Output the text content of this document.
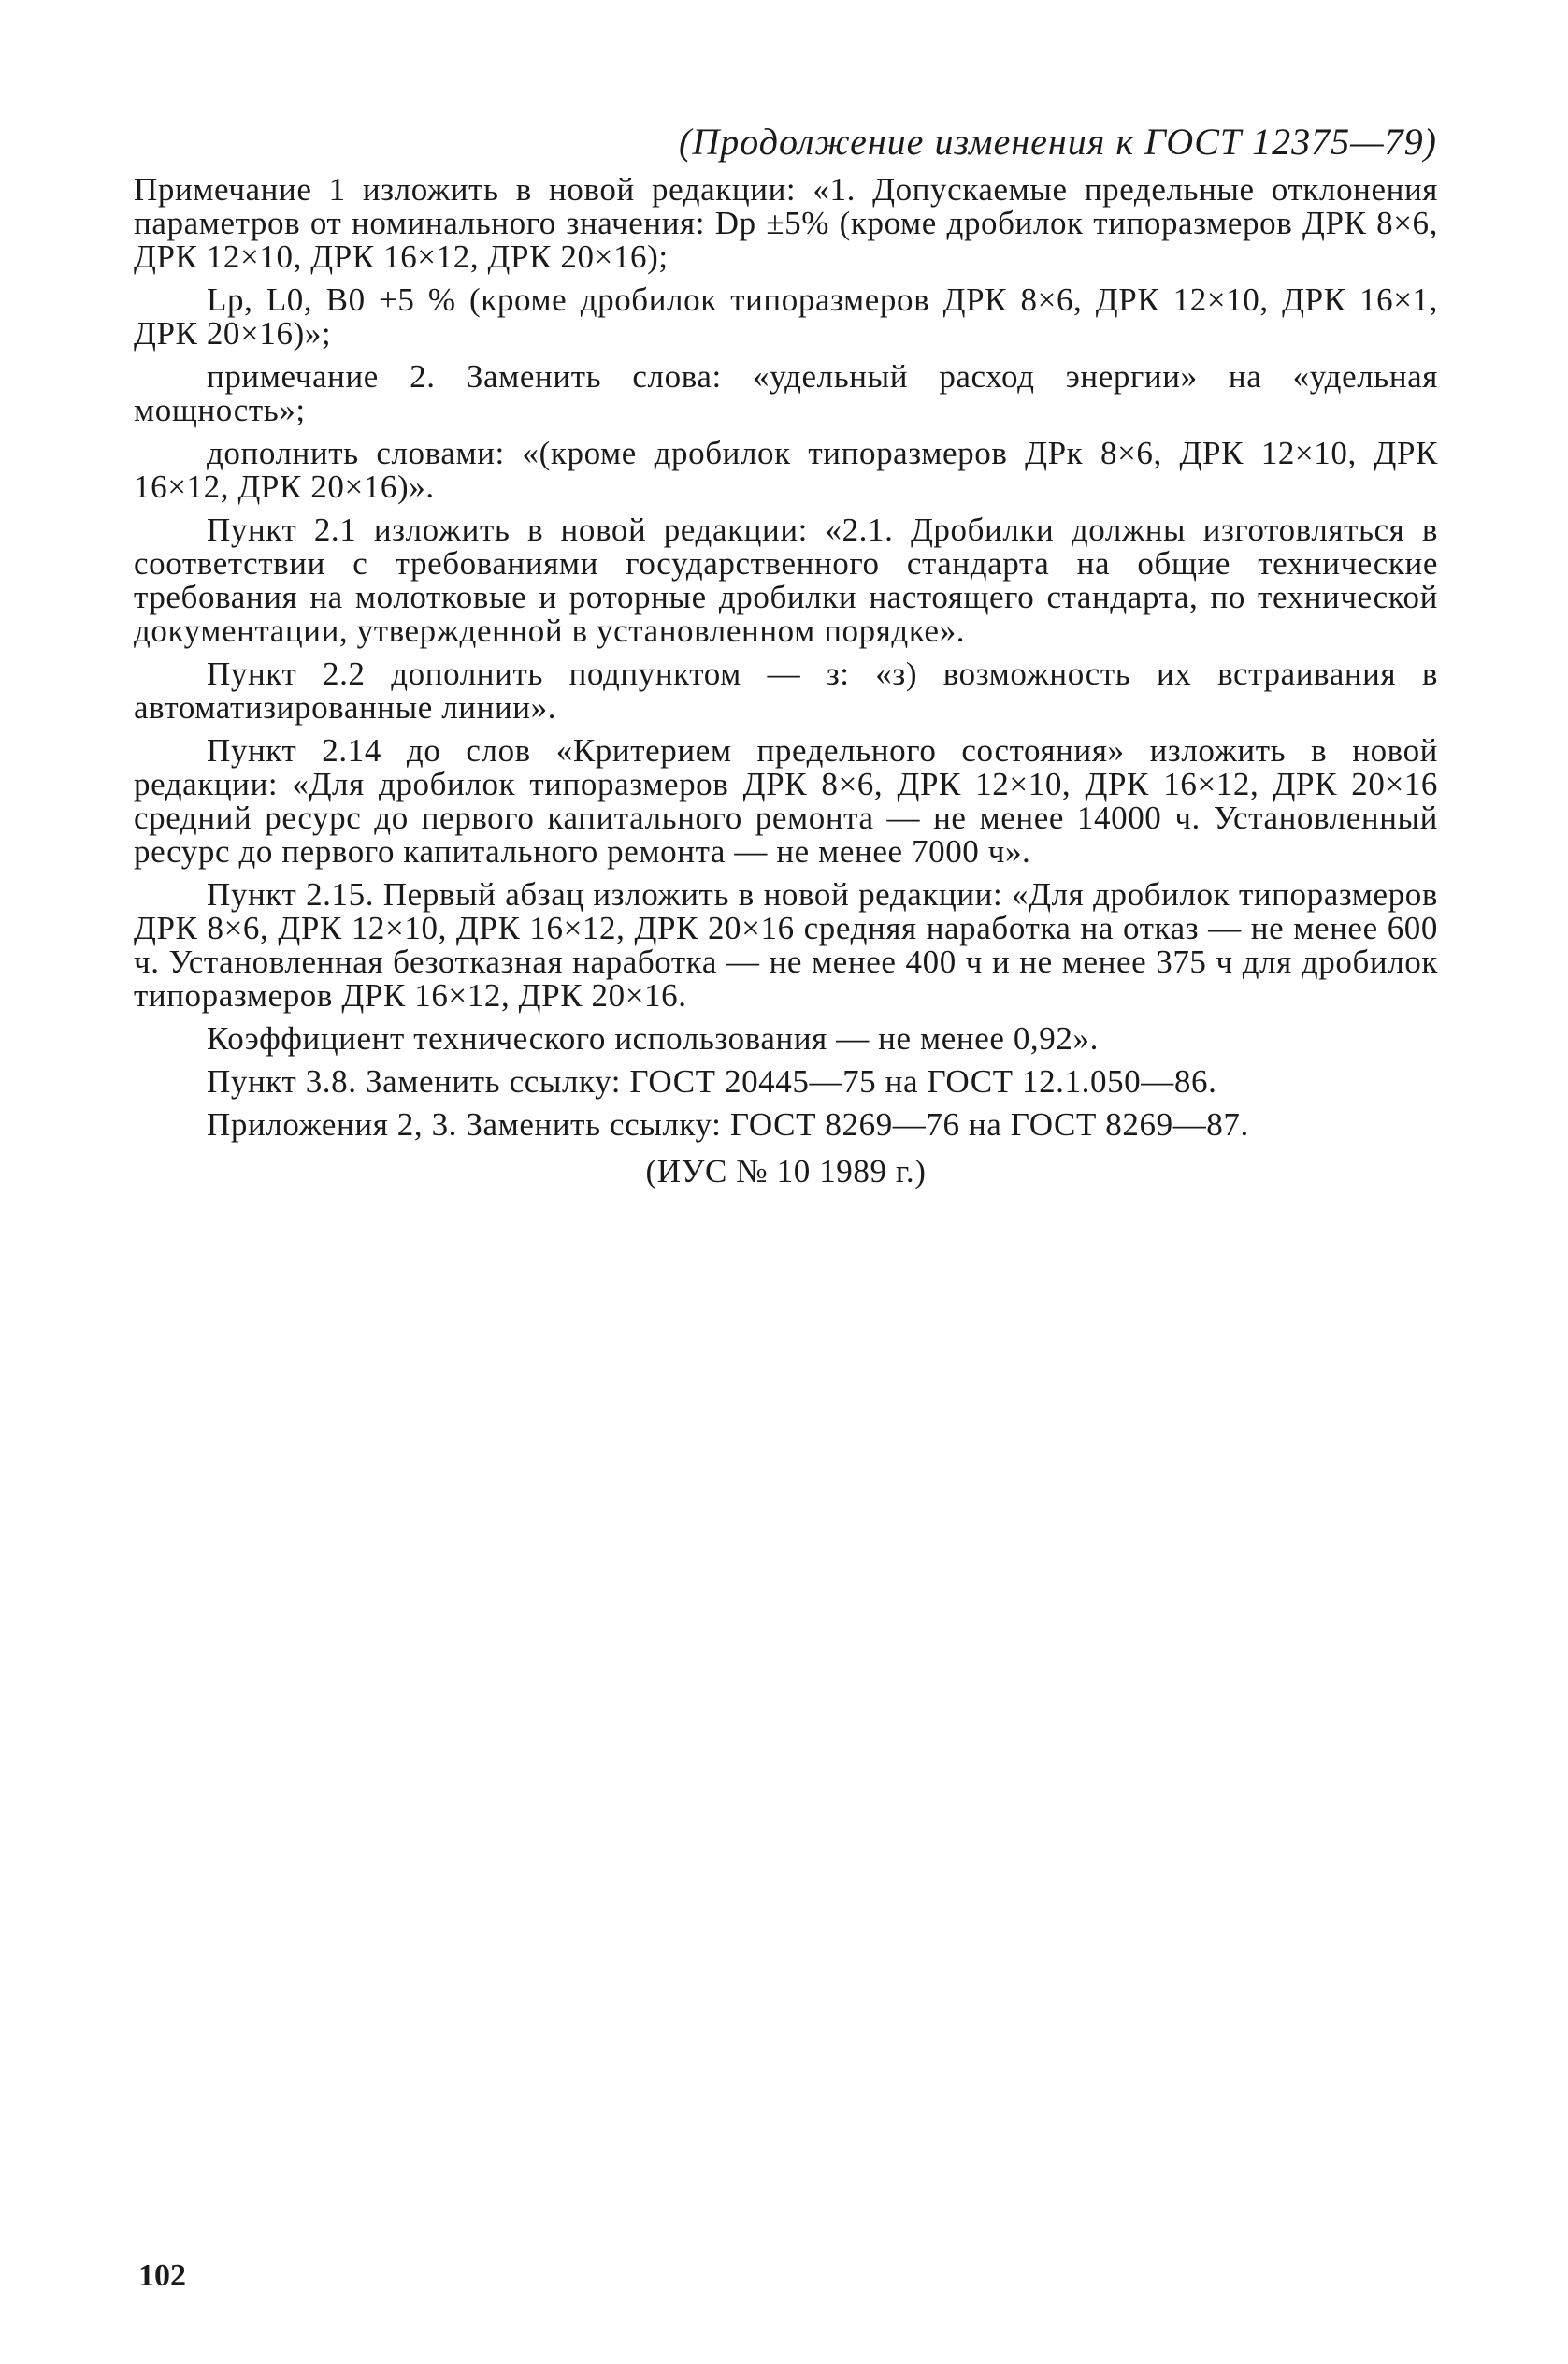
(Продолжение изменения к ГОСТ 12375—79)

Примечание 1 изложить в новой редакции: «1. Допускаемые предельные отклонения параметров от номинального значения: Dр ±5% (кроме дробилок типоразмеров ДРК 8×6, ДРК 12×10, ДРК 16×12, ДРК 20×16);

Lр, L0, В0 +5 % (кроме дробилок типоразмеров ДРК 8×6, ДРК 12×10, ДРК 16×1, ДРК 20×16)»;

примечание 2. Заменить слова: «удельный расход энергии» на «удельная мощность»;

дополнить словами: «(кроме дробилок типоразмеров ДРк 8×6, ДРК 12×10, ДРК 16×12, ДРК 20×16)».

Пункт 2.1 изложить в новой редакции: «2.1. Дробилки должны изготовляться в соответствии с требованиями государственного стандарта на общие технические требования на молотковые и роторные дробилки настоящего стандарта, по технической документации, утвержденной в установленном порядке».

Пункт 2.2 дополнить подпунктом — з: «з) возможность их встраивания в автоматизированные линии».

Пункт 2.14 до слов «Критерием предельного состояния» изложить в новой редакции: «Для дробилок типоразмеров ДРК 8×6, ДРК 12×10, ДРК 16×12, ДРК 20×16 средний ресурс до первого капитального ремонта — не менее 14000 ч. Установленный ресурс до первого капитального ремонта — не менее 7000 ч».

Пункт 2.15. Первый абзац изложить в новой редакции: «Для дробилок типоразмеров ДРК 8×6, ДРК 12×10, ДРК 16×12, ДРК 20×16 средняя наработка на отказ — не менее 600 ч. Установленная безотказная наработка — не менее 400 ч и не менее 375 ч для дробилок типоразмеров ДРК 16×12, ДРК 20×16.

Коэффициент технического использования — не менее 0,92».

Пункт 3.8. Заменить ссылку: ГОСТ 20445—75 на ГОСТ 12.1.050—86.

Приложения 2, 3. Заменить ссылку: ГОСТ 8269—76 на ГОСТ 8269—87.

(ИУС № 10 1989 г.)

102
